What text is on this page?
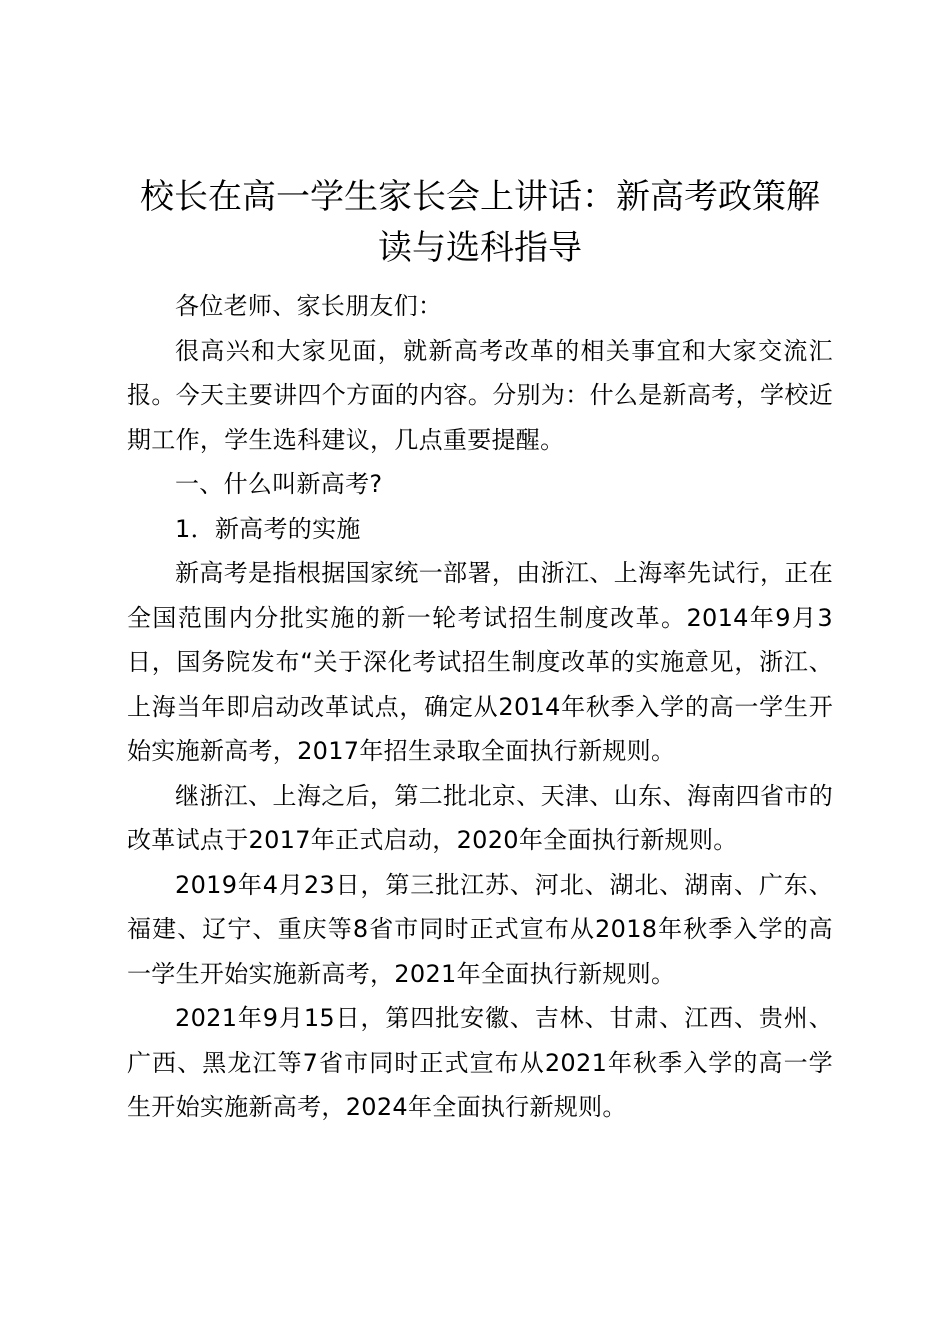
校长在高一学生家长会上讲话：新高考政策解读与选科指导

各位老师、家长朋友们：

很高兴和大家见面，就新高考改革的相关事宜和大家交流汇报。今天主要讲四个方面的内容。分别为：什么是新高考，学校近期工作，学生选科建议，几点重要提醒。

一、什么叫新高考?

1．新高考的实施

新高考是指根据国家统一部署，由浙江、上海率先试行，正在全国范围内分批实施的新一轮考试招生制度改革。2014年9月3日，国务院发布“关于深化考试招生制度改革的实施意见，浙江、上海当年即启动改革试点，确定从2014年秋季入学的高一学生开始实施新高考，2017年招生录取全面执行新规则。

继浙江、上海之后，第二批北京、天津、山东、海南四省市的改革试点于2017年正式启动，2020年全面执行新规则。

2019年4月23日，第三批江苏、河北、湖北、湖南、广东、福建、辽宁、重庆等8省市同时正式宣布从2018年秋季入学的高一学生开始实施新高考，2021年全面执行新规则。

2021年9月15日，第四批安徽、吉林、甘肃、江西、贵州、广西、黑龙江等7省市同时正式宣布从2021年秋季入学的高一学生开始实施新高考，2024年全面执行新规则。
